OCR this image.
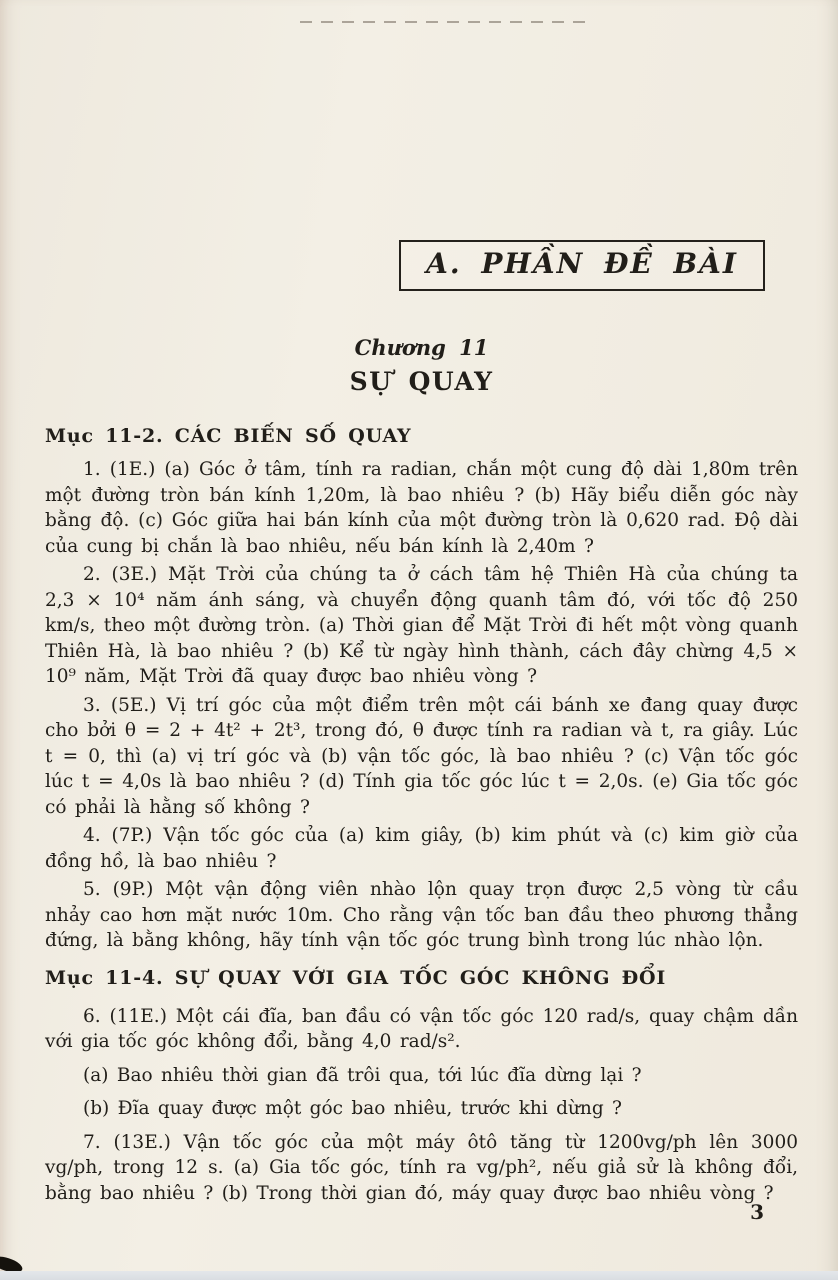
A. PHẦN ĐỀ BÀI
Chương 11
SỰ QUAY
Mục 11-2. CÁC BIẾN SỐ QUAY

1. (1E.) (a) Góc ở tâm, tính ra radian, chắn một cung độ dài 1,80m trên một đường tròn bán kính 1,20m, là bao nhiêu ? (b) Hãy biểu diễn góc này bằng độ. (c) Góc giữa hai bán kính của một đường tròn là 0,620 rad. Độ dài của cung bị chắn là bao nhiêu, nếu bán kính là 2,40m ?

2. (3E.) Mặt Trời của chúng ta ở cách tâm hệ Thiên Hà của chúng ta 2,3 × 10⁴ năm ánh sáng, và chuyển động quanh tâm đó, với tốc độ 250 km/s, theo một đường tròn. (a) Thời gian để Mặt Trời đi hết một vòng quanh Thiên Hà, là bao nhiêu ? (b) Kể từ ngày hình thành, cách đây chừng 4,5 × 10⁹ năm, Mặt Trời đã quay được bao nhiêu vòng ?

3. (5E.) Vị trí góc của một điểm trên một cái bánh xe đang quay được cho bởi θ = 2 + 4t² + 2t³, trong đó, θ được tính ra radian và t, ra giây. Lúc t = 0, thì (a) vị trí góc và (b) vận tốc góc, là bao nhiêu ? (c) Vận tốc góc lúc t = 4,0s là bao nhiêu ? (d) Tính gia tốc góc lúc t = 2,0s. (e) Gia tốc góc có phải là hằng số không ?

4. (7P.) Vận tốc góc của (a) kim giây, (b) kim phút và (c) kim giờ của đồng hồ, là bao nhiêu ?

5. (9P.) Một vận động viên nhào lộn quay trọn được 2,5 vòng từ cầu nhảy cao hơn mặt nước 10m. Cho rằng vận tốc ban đầu theo phương thẳng đứng, là bằng không, hãy tính vận tốc góc trung bình trong lúc nhào lộn.

Mục 11-4. SỰ QUAY VỚI GIA TỐC GÓC KHÔNG ĐỔI

6. (11E.) Một cái đĩa, ban đầu có vận tốc góc 120 rad/s, quay chậm dần với gia tốc góc không đổi, bằng 4,0 rad/s².

(a) Bao nhiêu thời gian đã trôi qua, tới lúc đĩa dừng lại ?

(b) Đĩa quay được một góc bao nhiêu, trước khi dừng ?

7. (13E.) Vận tốc góc của một máy ôtô tăng từ 1200vg/ph lên 3000 vg/ph, trong 12 s. (a) Gia tốc góc, tính ra vg/ph², nếu giả sử là không đổi, bằng bao nhiêu ? (b) Trong thời gian đó, máy quay được bao nhiêu vòng ?

3
